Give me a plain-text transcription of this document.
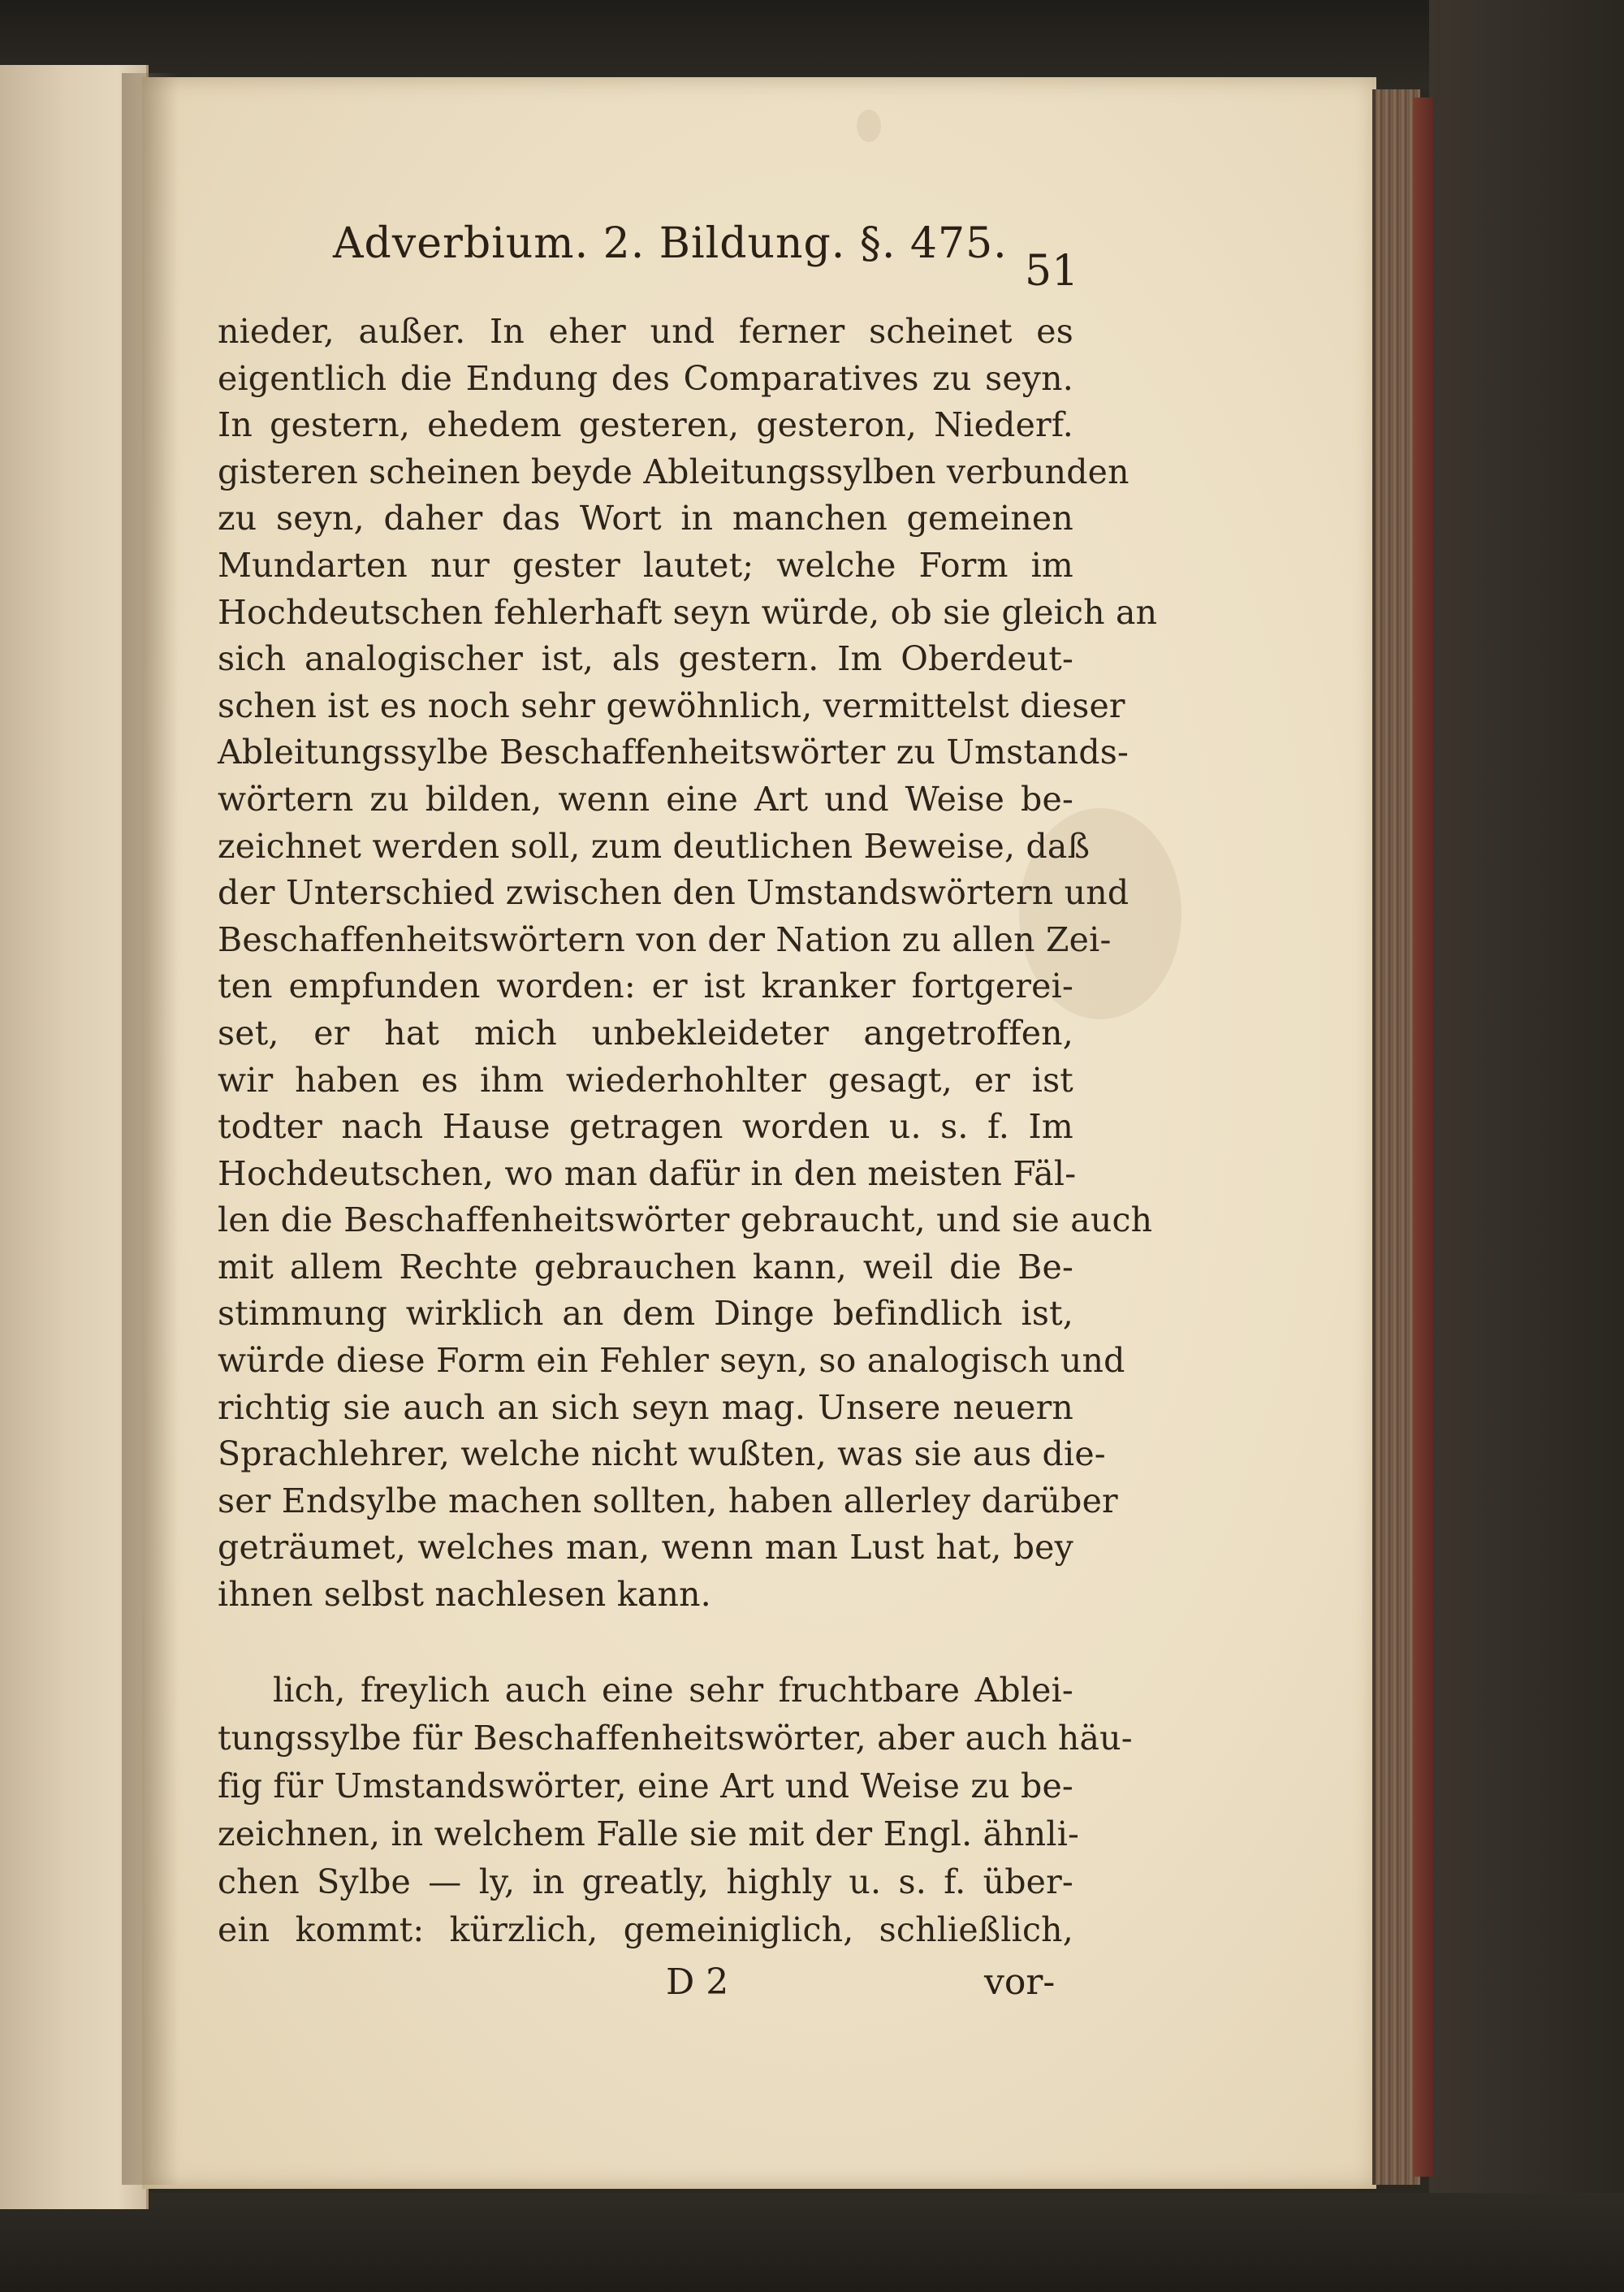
Adverbium. 2. Bildung. §. 475.
51
nieder, außer. In eher und ferner scheinet es
eigentlich die Endung des Comparatives zu seyn.
In gestern, ehedem gesteren, gesteron, Niederf.
gisteren scheinen beyde Ableitungssylben verbunden
zu seyn, daher das Wort in manchen gemeinen
Mundarten nur gester lautet; welche Form im
Hochdeutschen fehlerhaft seyn würde, ob sie gleich an
sich analogischer ist, als gestern. Im Oberdeut-
schen ist es noch sehr gewöhnlich, vermittelst dieser
Ableitungssylbe Beschaffenheitswörter zu Umstands-
wörtern zu bilden, wenn eine Art und Weise be-
zeichnet werden soll, zum deutlichen Beweise, daß
der Unterschied zwischen den Umstandswörtern und
Beschaffenheitswörtern von der Nation zu allen Zei-
ten empfunden worden: er ist kranker fortgerei-
set, er hat mich unbekleideter angetroffen,
wir haben es ihm wiederhohlter gesagt, er ist
todter nach Hause getragen worden u. s. f. Im
Hochdeutschen, wo man dafür in den meisten Fäl-
len die Beschaffenheitswörter gebraucht, und sie auch
mit allem Rechte gebrauchen kann, weil die Be-
stimmung wirklich an dem Dinge befindlich ist,
würde diese Form ein Fehler seyn, so analogisch und
richtig sie auch an sich seyn mag. Unsere neuern
Sprachlehrer, welche nicht wußten, was sie aus die-
ser Endsylbe machen sollten, haben allerley darüber
geträumet, welches man, wenn man Lust hat, bey
ihnen selbst nachlesen kann.
lich, freylich auch eine sehr fruchtbare Ablei-
tungssylbe für Beschaffenheitswörter, aber auch häu-
fig für Umstandswörter, eine Art und Weise zu be-
zeichnen, in welchem Falle sie mit der Engl. ähnli-
chen Sylbe — ly, in greatly, highly u. s. f. über-
ein kommt: kürzlich, gemeiniglich, schließlich,
D 2	vor-
